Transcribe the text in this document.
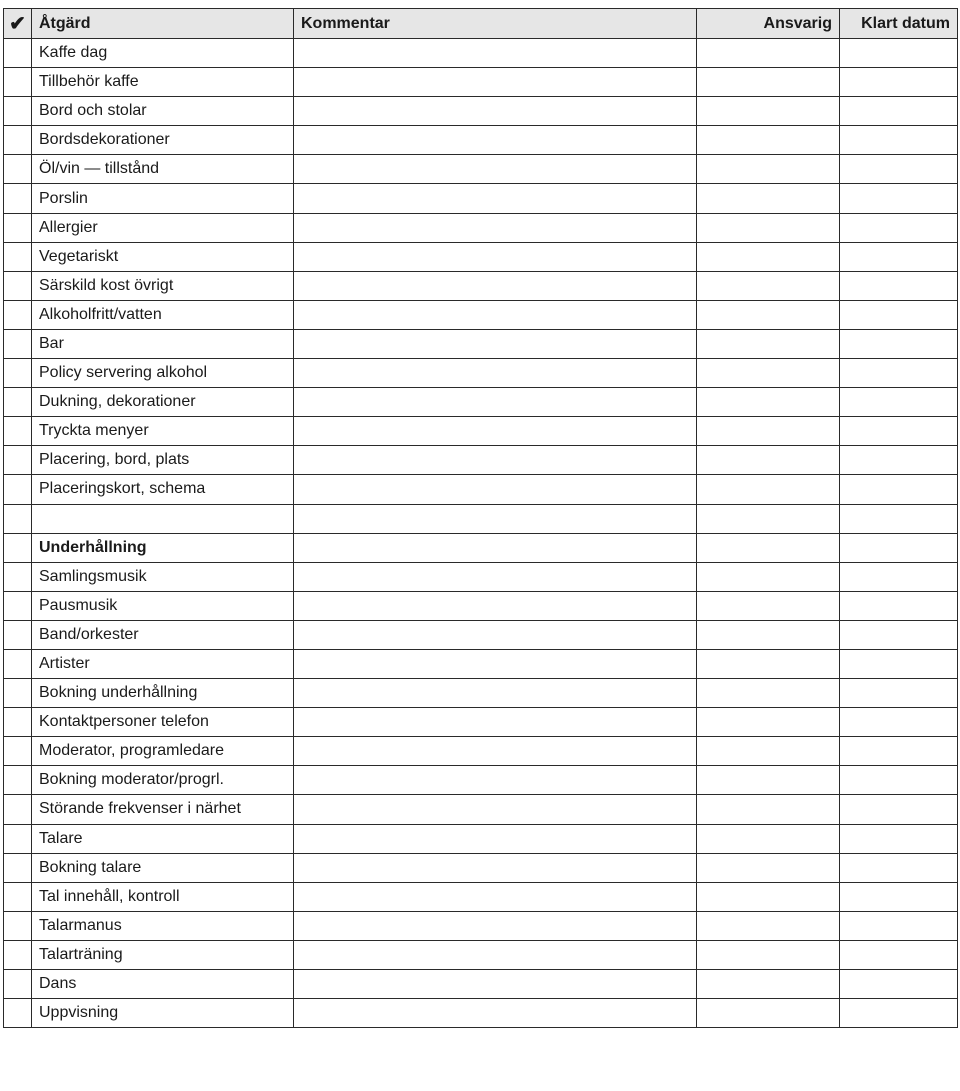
✔	Åtgärd	Kommentar	Ansvarig	Klart datum
	Kaffe dag			
	Tillbehör kaffe			
	Bord och stolar			
	Bordsdekorationer			
	Öl/vin — tillstånd			
	Porslin			
	Allergier			
	Vegetariskt			
	Särskild kost övrigt			
	Alkoholfritt/vatten			
	Bar			
	Policy servering alkohol			
	Dukning, dekorationer			
	Tryckta menyer			
	Placering, bord, plats			
	Placeringskort, schema			

	Underhållning			
	Samlingsmusik			
	Pausmusik			
	Band/orkester			
	Artister			
	Bokning underhållning			
	Kontaktpersoner telefon			
	Moderator, programledare			
	Bokning moderator/progrl.			
	Störande frekvenser i närhet			
	Talare			
	Bokning talare			
	Tal innehåll, kontroll			
	Talarmanus			
	Talarträning			
	Dans			
	Uppvisning			
